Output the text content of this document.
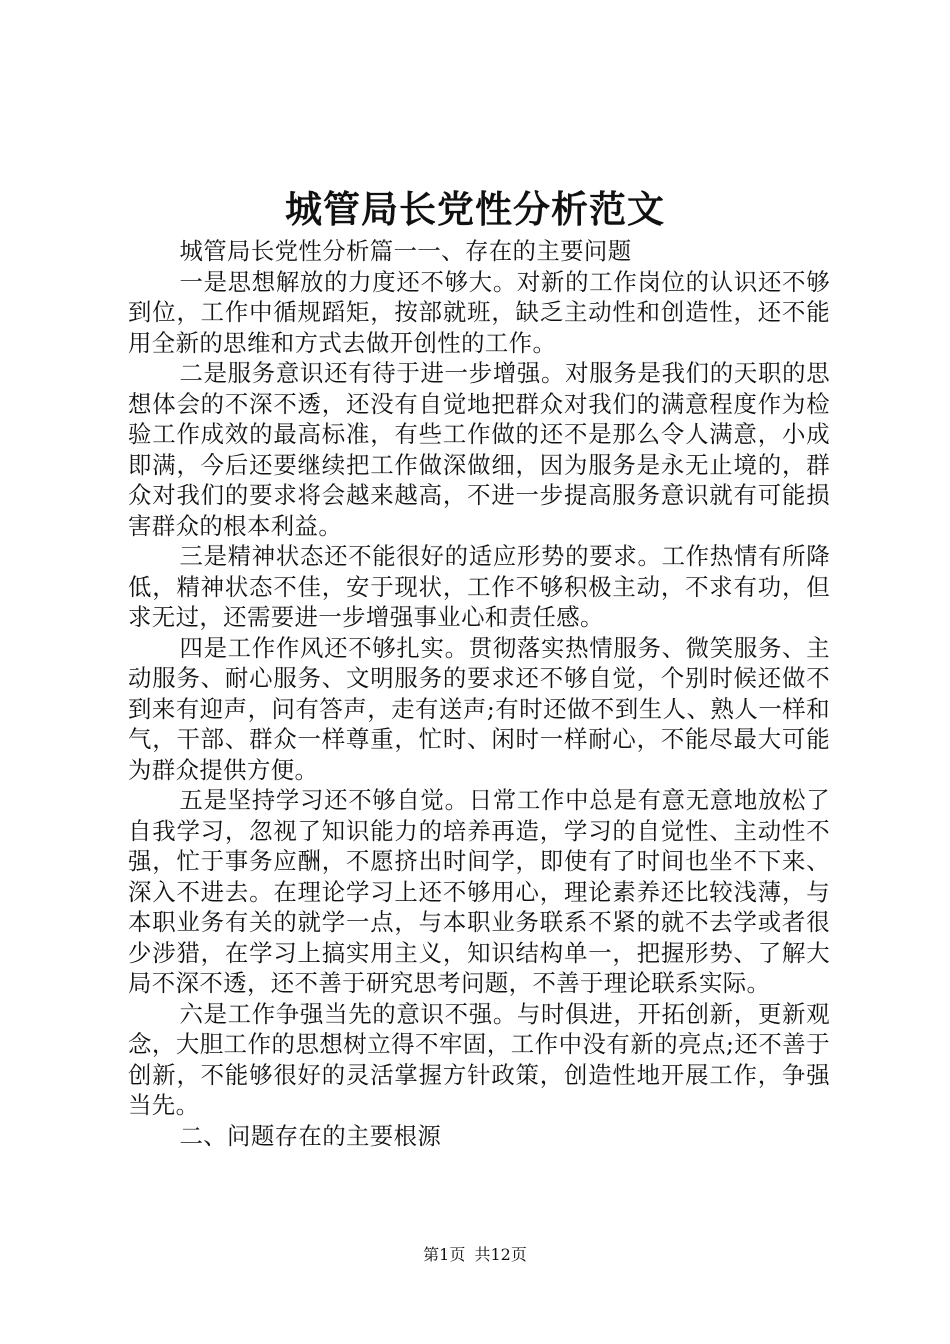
城管局长党性分析范文

城管局长党性分析篇一一、存在的主要问题

一是思想解放的力度还不够大。对新的工作岗位的认识还不够到位，工作中循规蹈矩，按部就班，缺乏主动性和创造性，还不能用全新的思维和方式去做开创性的工作。

二是服务意识还有待于进一步增强。对服务是我们的天职的思想体会的不深不透，还没有自觉地把群众对我们的满意程度作为检验工作成效的最高标准，有些工作做的还不是那么令人满意，小成即满，今后还要继续把工作做深做细，因为服务是永无止境的，群众对我们的要求将会越来越高，不进一步提高服务意识就有可能损害群众的根本利益。

三是精神状态还不能很好的适应形势的要求。工作热情有所降低，精神状态不佳，安于现状，工作不够积极主动，不求有功，但求无过，还需要进一步增强事业心和责任感。

四是工作作风还不够扎实。贯彻落实热情服务、微笑服务、主动服务、耐心服务、文明服务的要求还不够自觉，个别时候还做不到来有迎声，问有答声，走有送声;有时还做不到生人、熟人一样和气，干部、群众一样尊重，忙时、闲时一样耐心，不能尽最大可能为群众提供方便。

五是坚持学习还不够自觉。日常工作中总是有意无意地放松了自我学习，忽视了知识能力的培养再造，学习的自觉性、主动性不强，忙于事务应酬，不愿挤出时间学，即使有了时间也坐不下来、深入不进去。在理论学习上还不够用心，理论素养还比较浅薄，与本职业务有关的就学一点，与本职业务联系不紧的就不去学或者很少涉猎，在学习上搞实用主义，知识结构单一，把握形势、了解大局不深不透，还不善于研究思考问题，不善于理论联系实际。

六是工作争强当先的意识不强。与时俱进，开拓创新，更新观念，大胆工作的思想树立得不牢固，工作中没有新的亮点;还不善于创新，不能够很好的灵活掌握方针政策，创造性地开展工作，争强当先。

二、问题存在的主要根源

第1页 共12页
